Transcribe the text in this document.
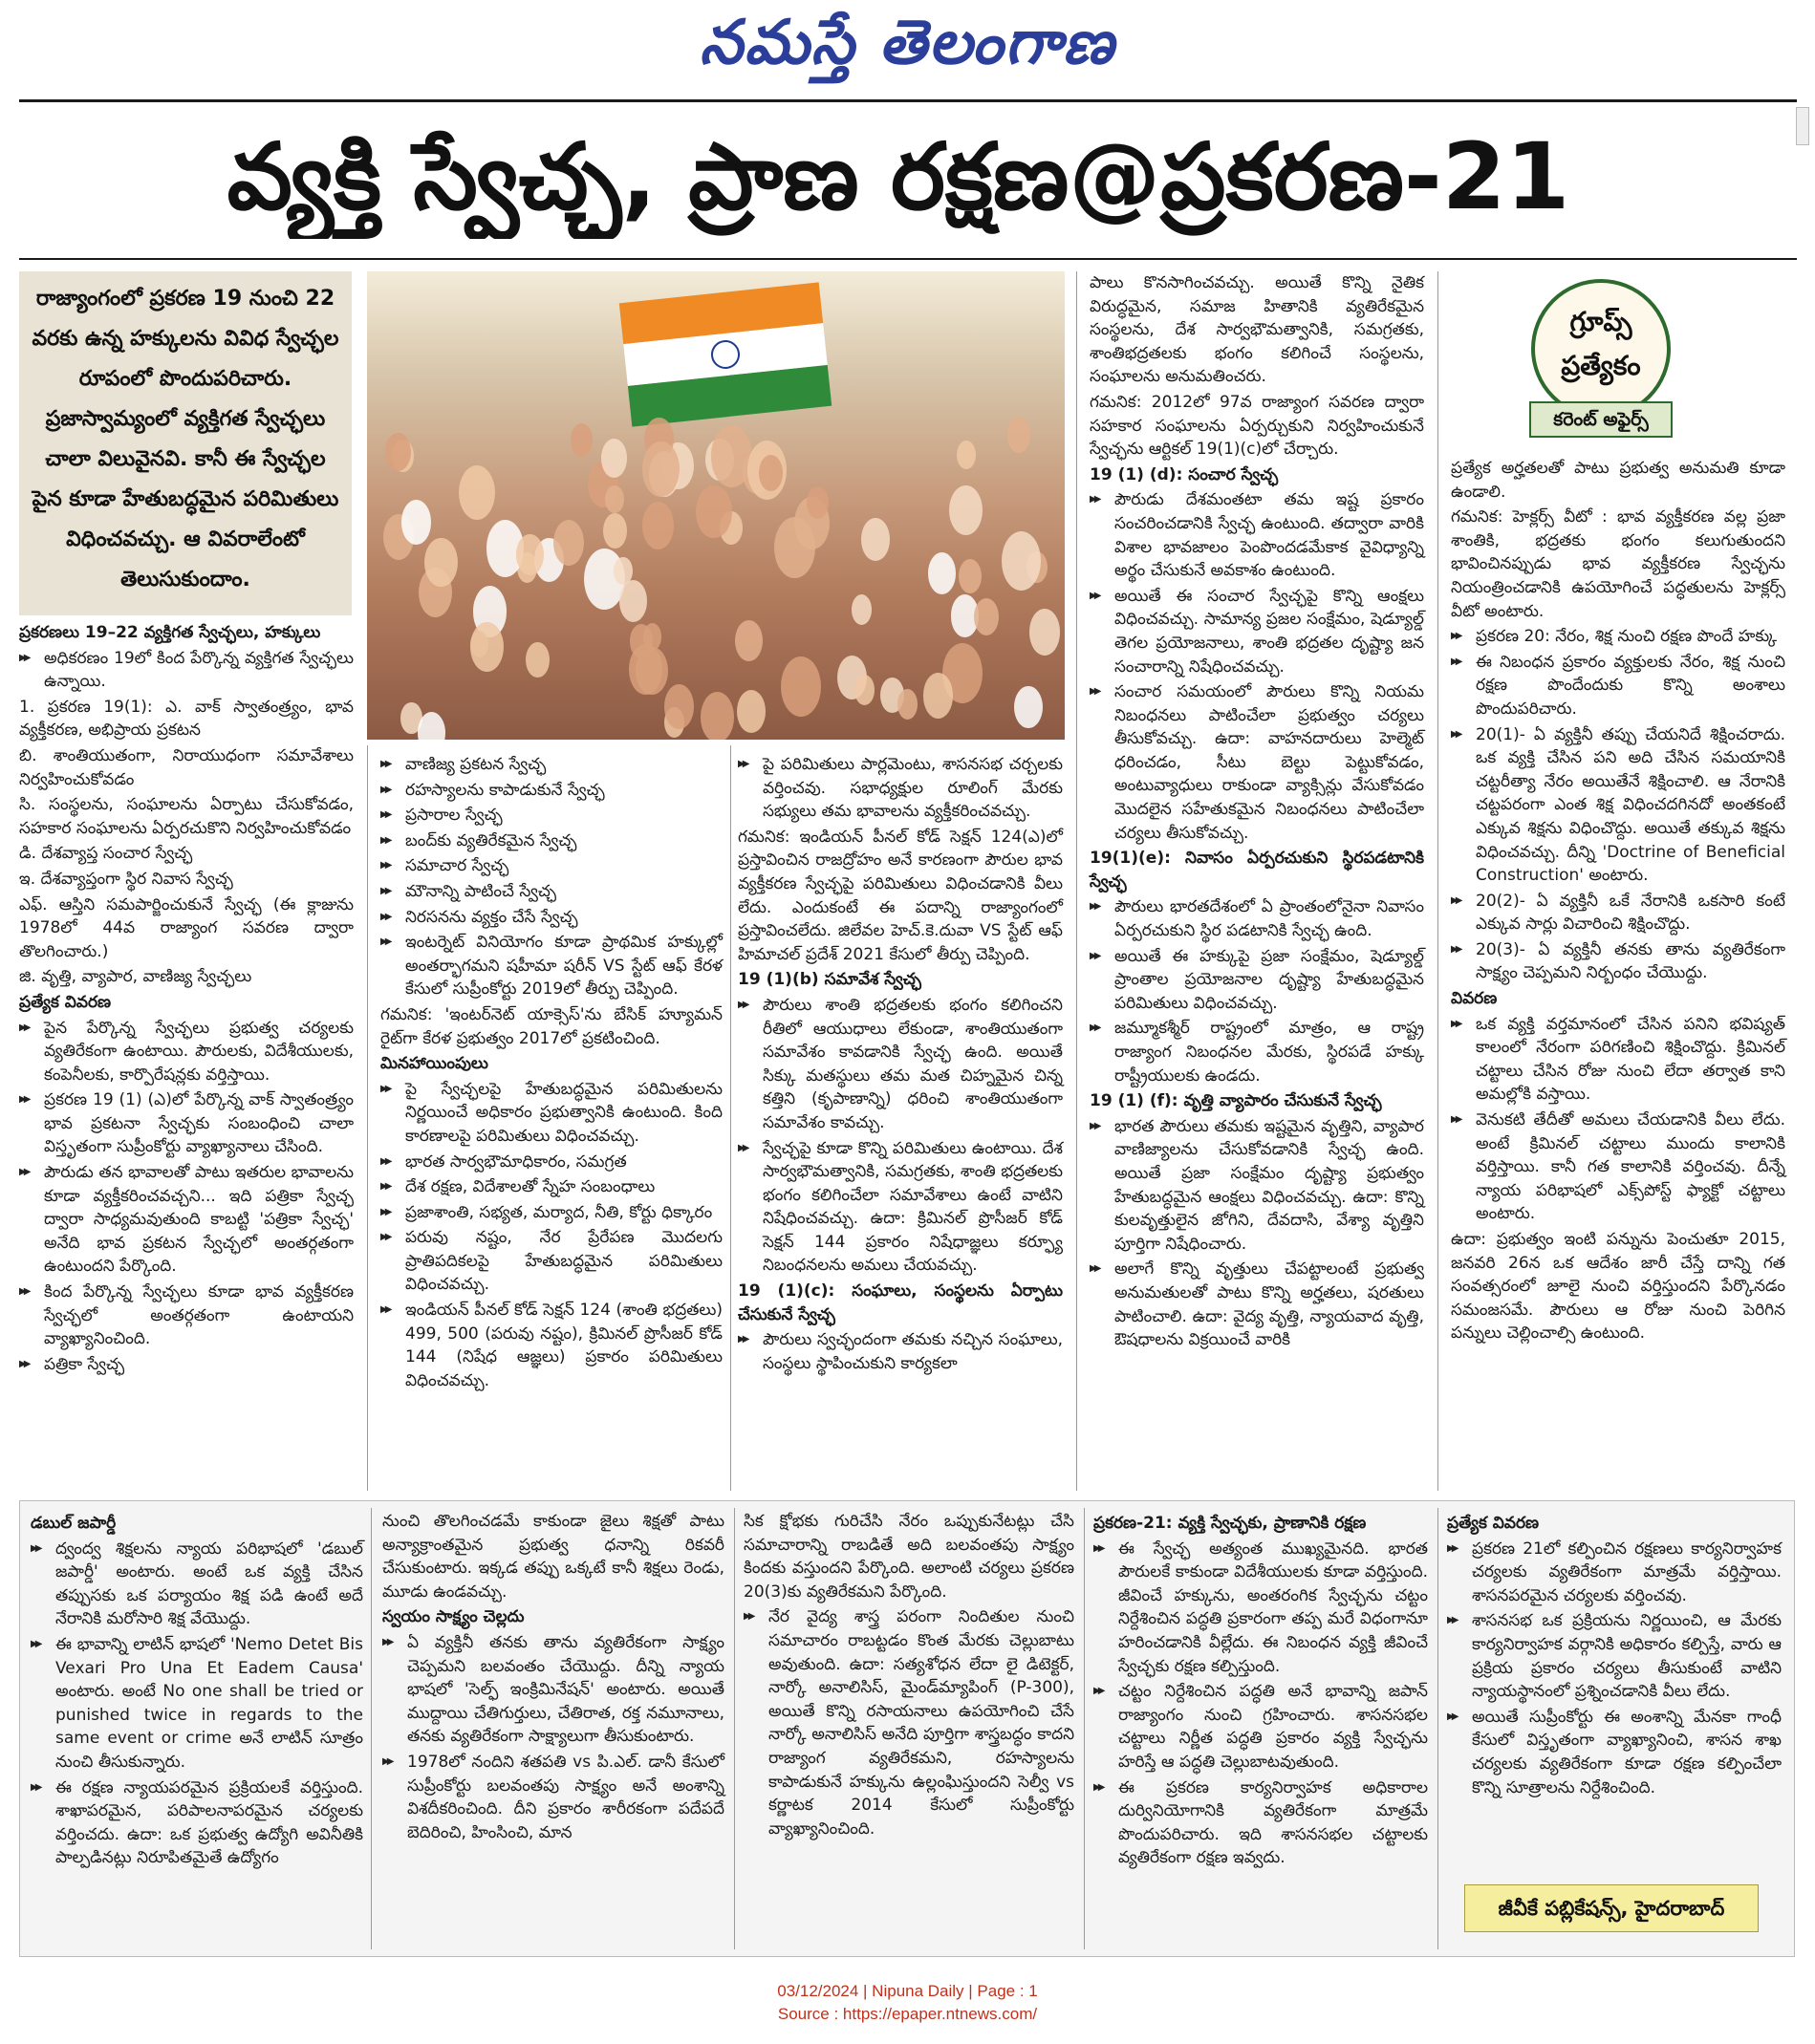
నమస్తే తెలంగాణ
వ్యక్తి స్వేచ్ఛ, ప్రాణ రక్షణ@ప్రకరణ-21
రాజ్యాంగంలో ప్రకరణ 19 నుంచి 22 వరకు ఉన్న హక్కులను వివిధ స్వేచ్ఛల రూపంలో పొందుపరిచారు. ప్రజాస్వామ్యంలో వ్యక్తిగత స్వేచ్ఛలు చాలా విలువైనవి. కానీ ఈ స్వేచ్ఛల పైన కూడా హేతుబద్ధమైన పరిమితులు విధించవచ్చు. ఆ వివరాలేంటో తెలుసుకుందాం.

ప్రకరణలు 19–22 వ్యక్తిగత స్వేచ్ఛలు, హక్కులు

▶▶ అధికరణం 19లో కింద పేర్కొన్న వ్యక్తిగత స్వేచ్ఛలు ఉన్నాయి.

1. ప్రకరణ 19(1): ఎ. వాక్ స్వాతంత్ర్యం, భావ వ్యక్తీకరణ, అభిప్రాయ ప్రకటన

బి. శాంతియుతంగా, నిరాయుధంగా సమావేశాలు నిర్వహించుకోవడం

సి. సంస్థలను, సంఘాలను ఏర్పాటు చేసుకోవడం, సహకార సంఘాలను ఏర్పరచుకొని నిర్వహించుకోవడం

డి. దేశవ్యాప్త సంచార స్వేచ్ఛ

ఇ. దేశవ్యాప్తంగా స్థిర నివాస స్వేచ్ఛ

ఎఫ్. ఆస్తిని సమపార్జించుకునే స్వేచ్ఛ (ఈ క్లాజును 1978లో 44వ రాజ్యాంగ సవరణ ద్వారా తొలగించారు.)

జి. వృత్తి, వ్యాపార, వాణిజ్య స్వేచ్ఛలు

ప్రత్యేక వివరణ

▶▶ పైన పేర్కొన్న స్వేచ్ఛలు ప్రభుత్వ చర్యలకు వ్యతిరేకంగా ఉంటాయి. పౌరులకు, విదేశీయులకు, కంపెనీలకు, కార్పొరేషన్లకు వర్తిస్తాయి.

▶▶ ప్రకరణ 19 (1) (ఎ)లో పేర్కొన్న వాక్ స్వాతంత్ర్యం భావ ప్రకటనా స్వేచ్ఛకు సంబంధించి చాలా విస్తృతంగా సుప్రీంకోర్టు వ్యాఖ్యానాలు చేసింది.

▶▶ పౌరుడు తన భావాలతో పాటు ఇతరుల భావాలను కూడా వ్యక్తీకరించవచ్చని... ఇది పత్రికా స్వేచ్ఛ ద్వారా సాధ్యమవుతుంది కాబట్టి 'పత్రికా స్వేచ్ఛ' అనేది భావ ప్రకటన స్వేచ్ఛలో అంతర్గతంగా ఉంటుందని పేర్కొంది.

▶▶ కింద పేర్కొన్న స్వేచ్ఛలు కూడా భావ వ్యక్తీకరణ స్వేచ్ఛలో అంతర్గతంగా ఉంటాయని వ్యాఖ్యానించింది.

▶▶ పత్రికా స్వేచ్ఛ

▶▶ వాణిజ్య ప్రకటన స్వేచ్ఛ

▶▶ రహస్యాలను కాపాడుకునే స్వేచ్ఛ

▶▶ ప్రసారాల స్వేచ్ఛ

▶▶ బంద్‌కు వ్యతిరేకమైన స్వేచ్ఛ

▶▶ సమాచార స్వేచ్ఛ

▶▶ మౌనాన్ని పాటించే స్వేచ్ఛ

▶▶ నిరసనను వ్యక్తం చేసే స్వేచ్ఛ

▶▶ ఇంటర్నెట్ వినియోగం కూడా ప్రాథమిక హక్కుల్లో అంతర్భాగమని షహీమా షరీన్ VS స్టేట్ ఆఫ్ కేరళ కేసులో సుప్రీంకోర్టు 2019లో తీర్పు చెప్పింది.

గమనిక: 'ఇంటర్‌నెట్ యాక్సెస్'ను బేసిక్ హ్యూమన్ రైట్‌గా కేరళ ప్రభుత్వం 2017లో ప్రకటించింది.

మినహాయింపులు

▶▶ పై స్వేచ్ఛలపై హేతుబద్ధమైన పరిమితులను నిర్ణయించే అధికారం ప్రభుత్వానికి ఉంటుంది. కింది కారణాలపై పరిమితులు విధించవచ్చు.

▶▶ భారత సార్వభౌమాధికారం, సమగ్రత

▶▶ దేశ రక్షణ, విదేశాలతో స్నేహ సంబంధాలు

▶▶ ప్రజాశాంతి, సభ్యత, మర్యాద, నీతి, కోర్టు ధిక్కారం

▶▶ పరువు నష్టం, నేర ప్రేరేపణ మొదలగు ప్రాతిపదికలపై హేతుబద్ధమైన పరిమితులు విధించవచ్చు.

▶▶ ఇండియన్ పీనల్ కోడ్ సెక్షన్ 124 (శాంతి భద్రతలు) 499, 500 (పరువు నష్టం), క్రిమినల్ ప్రొసీజర్ కోడ్ 144 (నిషేధ ఆజ్ఞలు) ప్రకారం పరిమితులు విధించవచ్చు.

▶▶ పై పరిమితులు పార్లమెంటు, శాసనసభ చర్చలకు వర్తించవు. సభాధ్యక్షుల రూలింగ్ మేరకు సభ్యులు తమ భావాలను వ్యక్తీకరించవచ్చు.

గమనిక: ఇండియన్ పీనల్ కోడ్ సెక్షన్ 124(ఎ)లో ప్రస్తావించిన రాజద్రోహం అనే కారణంగా పౌరుల భావ వ్యక్తీకరణ స్వేచ్ఛపై పరిమితులు విధించడానికి వీలు లేదు. ఎందుకంటే ఈ పదాన్ని రాజ్యాంగంలో ప్రస్తావించలేదు. జిలేవల హెచ్.కె.దువా VS స్టేట్ ఆఫ్ హిమాచల్ ప్రదేశ్ 2021 కేసులో తీర్పు చెప్పింది.

19 (1)(b) సమావేశ స్వేచ్ఛ

▶▶ పౌరులు శాంతి భద్రతలకు భంగం కలిగించని రీతిలో ఆయుధాలు లేకుండా, శాంతియుతంగా సమావేశం కావడానికి స్వేచ్ఛ ఉంది. అయితే సిక్కు మతస్థులు తమ మత చిహ్నమైన చిన్న కత్తిని (కృపాణాన్ని) ధరించి శాంతియుతంగా సమావేశం కావచ్చు.

▶▶ స్వేచ్ఛపై కూడా కొన్ని పరిమితులు ఉంటాయి. దేశ సార్వభౌమత్వానికి, సమగ్రతకు, శాంతి భద్రతలకు భంగం కలిగించేలా సమావేశాలు ఉంటే వాటిని నిషేధించవచ్చు. ఉదా: క్రిమినల్ ప్రొసీజర్ కోడ్ సెక్షన్ 144 ప్రకారం నిషేధాజ్ఞలు కర్ఫ్యూ నిబంధనలను అమలు చేయవచ్చు.

19 (1)(c): సంఘాలు, సంస్థలను ఏర్పాటు చేసుకునే స్వేచ్ఛ

▶▶ పౌరులు స్వచ్ఛందంగా తమకు నచ్చిన సంఘాలు, సంస్థలు స్థాపించుకుని కార్యకలా

పాలు కొనసాగించవచ్చు. అయితే కొన్ని నైతిక విరుద్ధమైన, సమాజ హితానికి వ్యతిరేకమైన సంస్థలను, దేశ సార్వభౌమత్వానికి, సమగ్రతకు, శాంతిభద్రతలకు భంగం కలిగించే సంస్థలను, సంఘాలను అనుమతించరు.

గమనిక: 2012లో 97వ రాజ్యాంగ సవరణ ద్వారా సహకార సంఘాలను ఏర్పర్చుకుని నిర్వహించుకునే స్వేచ్ఛను ఆర్టికల్ 19(1)(c)లో చేర్చారు.

19 (1) (d): సంచార స్వేచ్ఛ

▶▶ పౌరుడు దేశమంతటా తమ ఇష్ట ప్రకారం సంచరించడానికి స్వేచ్ఛ ఉంటుంది. తద్వారా వారికి విశాల భావజాలం పెంపొందడమేకాక వైవిధ్యాన్ని అర్థం చేసుకునే అవకాశం ఉంటుంది.

▶▶ అయితే ఈ సంచార స్వేచ్ఛపై కొన్ని ఆంక్షలు విధించవచ్చు. సామాన్య ప్రజల సంక్షేమం, షెడ్యూల్డ్ తెగల ప్రయోజనాలు, శాంతి భద్రతల దృష్ట్యా జన సంచారాన్ని నిషేధించవచ్చు.

▶▶ సంచార సమయంలో పౌరులు కొన్ని నియమ నిబంధనలు పాటించేలా ప్రభుత్వం చర్యలు తీసుకోవచ్చు. ఉదా: వాహనదారులు హెల్మెట్ ధరించడం, సీటు బెల్టు పెట్టుకోవడం, అంటువ్యాధులు రాకుండా వ్యాక్సిన్లు వేసుకోవడం మొదలైన సహేతుకమైన నిబంధనలు పాటించేలా చర్యలు తీసుకోవచ్చు.

19(1)(e): నివాసం ఏర్పరచుకుని స్థిరపడటానికి స్వేచ్ఛ

▶▶ పౌరులు భారతదేశంలో ఏ ప్రాంతంలోనైనా నివాసం ఏర్పరచుకుని స్థిర పడటానికి స్వేచ్ఛ ఉంది.

▶▶ అయితే ఈ హక్కుపై ప్రజా సంక్షేమం, షెడ్యూల్డ్ ప్రాంతాల ప్రయోజనాల దృష్ట్యా హేతుబద్ధమైన పరిమితులు విధించవచ్చు.

▶▶ జమ్మూకశ్మీర్ రాష్ట్రంలో మాత్రం, ఆ రాష్ట్ర రాజ్యాంగ నిబంధనల మేరకు, స్థిరపడే హక్కు రాష్ట్రీయులకు ఉండదు.

19 (1) (f): వృత్తి వ్యాపారం చేసుకునే స్వేచ్ఛ

▶▶ భారత పౌరులు తమకు ఇష్టమైన వృత్తిని, వ్యాపార వాణిజ్యాలను చేసుకోవడానికి స్వేచ్ఛ ఉంది. అయితే ప్రజా సంక్షేమం దృష్ట్యా ప్రభుత్వం హేతుబద్ధమైన ఆంక్షలు విధించవచ్చు. ఉదా: కొన్ని కులవృత్తులైన జోగిని, దేవదాసి, వేశ్యా వృత్తిని పూర్తిగా నిషేధించారు.

▶▶ అలాగే కొన్ని వృత్తులు చేపట్టాలంటే ప్రభుత్వ అనుమతులతో పాటు కొన్ని అర్హతలు, షరతులు పాటించాలి. ఉదా: వైద్య వృత్తి, న్యాయవాద వృత్తి, ఔషధాలను విక్రయించే వారికి

ప్రత్యేక అర్హతలతో పాటు ప్రభుత్వ అనుమతి కూడా ఉండాలి.

గమనిక: హెక్లర్స్ వీటో : భావ వ్యక్తీకరణ వల్ల ప్రజా శాంతికి, భద్రతకు భంగం కలుగుతుందని భావించినప్పుడు భావ వ్యక్తీకరణ స్వేచ్ఛను నియంత్రించడానికి ఉపయోగించే పద్ధతులను హెక్లర్స్ వీటో అంటారు.

▶▶ ప్రకరణ 20: నేరం, శిక్ష నుంచి రక్షణ పొందే హక్కు

▶▶ ఈ నిబంధన ప్రకారం వ్యక్తులకు నేరం, శిక్ష నుంచి రక్షణ పొందేందుకు కొన్ని అంశాలు పొందుపరిచారు.

▶▶ 20(1)- ఏ వ్యక్తినీ తప్పు చేయనిదే శిక్షించరాదు. ఒక వ్యక్తి చేసిన పని అది చేసిన సమయానికి చట్టరీత్యా నేరం అయితేనే శిక్షించాలి. ఆ నేరానికి చట్టపరంగా ఎంత శిక్ష విధించదగినదో అంతకంటే ఎక్కువ శిక్షను విధించొద్దు. అయితే తక్కువ శిక్షను విధించవచ్చు. దీన్ని 'Doctrine of Beneficial Construction' అంటారు.

▶▶ 20(2)- ఏ వ్యక్తినీ ఒకే నేరానికి ఒకసారి కంటే ఎక్కువ సార్లు విచారించి శిక్షించొద్దు.

▶▶ 20(3)- ఏ వ్యక్తినీ తనకు తాను వ్యతిరేకంగా సాక్ష్యం చెప్పమని నిర్బంధం చేయొద్దు.

వివరణ

▶▶ ఒక వ్యక్తి వర్తమానంలో చేసిన పనిని భవిష్యత్ కాలంలో నేరంగా పరిగణించి శిక్షించొద్దు. క్రిమినల్ చట్టాలు చేసిన రోజు నుంచి లేదా తర్వాత కాని అమల్లోకి వస్తాయి.

▶▶ వెనుకటి తేదీతో అమలు చేయడానికి వీలు లేదు. అంటే క్రిమినల్ చట్టాలు ముందు కాలానికి వర్తిస్తాయి. కానీ గత కాలానికి వర్తించవు. దీన్నే న్యాయ పరిభాషలో ఎక్స్‌పోస్ట్ ఫ్యాక్టో చట్టాలు అంటారు.

ఉదా: ప్రభుత్వం ఇంటి పన్నును పెంచుతూ 2015, జనవరి 26న ఒక ఆదేశం జారీ చేస్తే దాన్ని గత సంవత్సరంలో జూలై నుంచి వర్తిస్తుందని పేర్కొనడం సమంజసమే. పౌరులు ఆ రోజు నుంచి పెరిగిన పన్నులు చెల్లించాల్సి ఉంటుంది.

గ్రూప్స్
ప్రత్యేకం
కరెంట్ అఫైర్స్

డబుల్ జపార్డీ

▶▶ ద్వంద్వ శిక్షలను న్యాయ పరిభాషలో 'డబుల్ జపార్డీ' అంటారు. అంటే ఒక వ్యక్తి చేసిన తప్పుసకు ఒక పర్యాయం శిక్ష పడి ఉంటే అదే నేరానికి మరోసారి శిక్ష వేయొద్దు.

▶▶ ఈ భావాన్ని లాటిన్ భాషలో 'Nemo Detet Bis Vexari Pro Una Et Eadem Causa' అంటారు. అంటే No one shall be tried or punished twice in regards to the same event or crime అనే లాటిన్ సూత్రం నుంచి తీసుకున్నారు.

▶▶ ఈ రక్షణ న్యాయపరమైన ప్రక్రియలకే వర్తిస్తుంది. శాఖాపరమైన, పరిపాలనాపరమైన చర్యలకు వర్తించదు. ఉదా: ఒక ప్రభుత్వ ఉద్యోగి అవినీతికి పాల్పడినట్లు నిరూపితమైతే ఉద్యోగం

నుంచి తొలగించడమే కాకుండా జైలు శిక్షతో పాటు అన్యాక్రాంతమైన ప్రభుత్వ ధనాన్ని రికవరీ చేసుకుంటారు. ఇక్కడ తప్పు ఒక్కటే కానీ శిక్షలు రెండు, మూడు ఉండవచ్చు.

స్వయం సాక్ష్యం చెల్లదు

▶▶ ఏ వ్యక్తినీ తనకు తాను వ్యతిరేకంగా సాక్ష్యం చెప్పమని బలవంతం చేయొద్దు. దీన్ని న్యాయ భాషలో 'సెల్ఫ్ ఇంక్రిమినేషన్' అంటారు. అయితే ముద్దాయి చేతిగుర్తులు, చేతిరాత, రక్త నమూనాలు, తనకు వ్యతిరేకంగా సాక్ష్యాలుగా తీసుకుంటారు.

▶▶ 1978లో నందిని శతపతి vs పి.ఎల్. డానీ కేసులో సుప్రీంకోర్టు బలవంతపు సాక్ష్యం అనే అంశాన్ని విశదీకరించింది. దీని ప్రకారం శారీరకంగా పదేపదే బెదిరించి, హింసించి, మాన

సిక క్షోభకు గురిచేసి నేరం ఒప్పుకునేటట్లు చేసి సమాచారాన్ని రాబడితే అది బలవంతపు సాక్ష్యం కిందకు వస్తుందని పేర్కొంది. అలాంటి చర్యలు ప్రకరణ 20(3)కు వ్యతిరేకమని పేర్కొంది.

▶▶ నేర వైద్య శాస్త్ర పరంగా నిందితుల నుంచి సమాచారం రాబట్టడం కొంత మేరకు చెల్లుబాటు అవుతుంది. ఉదా: సత్యశోధన లేదా లై డిటెక్టర్, నార్కో అనాలిసిస్, మైండ్‌మ్యాపింగ్ (P-300), అయితే కొన్ని రసాయనాలు ఉపయోగించి చేసే నార్కో అనాలిసిస్ అనేది పూర్తిగా శాస్త్రబద్ధం కాదని రాజ్యాంగ వ్యతిరేకమని, రహస్యాలను కాపాడుకునే హక్కును ఉల్లంఘిస్తుందని సెల్వీ vs కర్ణాటక 2014 కేసులో సుప్రీంకోర్టు వ్యాఖ్యానించింది.

ప్రకరణ-21: వ్యక్తి స్వేచ్ఛకు, ప్రాణానికి రక్షణ

▶▶ ఈ స్వేచ్ఛ అత్యంత ముఖ్యమైనది. భారత పౌరులకే కాకుండా విదేశీయులకు కూడా వర్తిస్తుంది. జీవించే హక్కును, అంతరంగిక స్వేచ్ఛను చట్టం నిర్దేశించిన పద్ధతి ప్రకారంగా తప్ప మరే విధంగానూ హరించడానికి వీల్లేదు. ఈ నిబంధన వ్యక్తి జీవించే స్వేచ్ఛకు రక్షణ కల్పిస్తుంది.

▶▶ చట్టం నిర్దేశించిన పద్ధతి అనే భావాన్ని జపాన్ రాజ్యాంగం నుంచి గ్రహించారు. శాసనసభల చట్టాలు నిర్ణీత పద్ధతి ప్రకారం వ్యక్తి స్వేచ్ఛను హరిస్తే ఆ పద్ధతి చెల్లుబాటవుతుంది.

▶▶ ఈ ప్రకరణ కార్యనిర్వాహక అధికారాల దుర్వినియోగానికి వ్యతిరేకంగా మాత్రమే పొందుపరిచారు. ఇది శాసనసభల చట్టాలకు వ్యతిరేకంగా రక్షణ ఇవ్వదు.

ప్రత్యేక వివరణ

▶▶ ప్రకరణ 21లో కల్పించిన రక్షణలు కార్యనిర్వాహక చర్యలకు వ్యతిరేకంగా మాత్రమే వర్తిస్తాయి. శాసనపరమైన చర్యలకు వర్తించవు.

▶▶ శాసనసభ ఒక ప్రక్రియను నిర్ణయించి, ఆ మేరకు కార్యనిర్వాహక వర్గానికి అధికారం కల్పిస్తే, వారు ఆ ప్రక్రియ ప్రకారం చర్యలు తీసుకుంటే వాటిని న్యాయస్థానంలో ప్రశ్నించడానికి వీలు లేదు.

▶▶ అయితే సుప్రీంకోర్టు ఈ అంశాన్ని మేనకా గాంధీ కేసులో విస్తృతంగా వ్యాఖ్యానించి, శాసన శాఖ చర్యలకు వ్యతిరేకంగా కూడా రక్షణ కల్పించేలా కొన్ని సూత్రాలను నిర్దేశించింది.

జీవీకే పబ్లికేషన్స్, హైదరాబాద్
03/12/2024 | Nipuna Daily | Page : 1
Source : https://epaper.ntnews.com/
